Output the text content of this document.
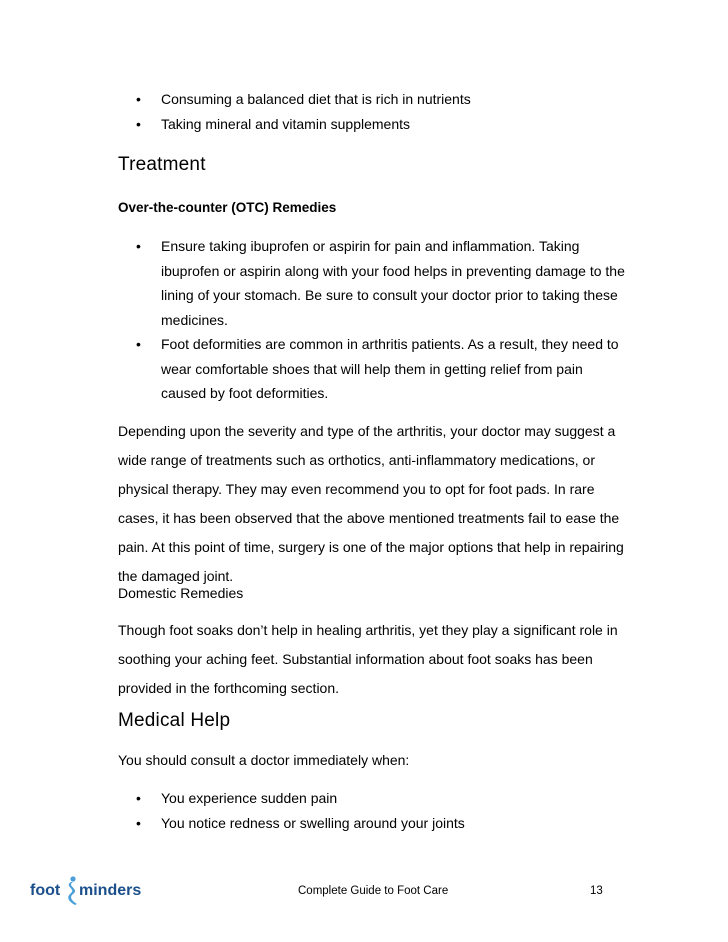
• Consuming a balanced diet that is rich in nutrients
• Taking mineral and vitamin supplements
Treatment
Over-the-counter (OTC) Remedies
• Ensure taking ibuprofen or aspirin for pain and inflammation. Taking ibuprofen or aspirin along with your food helps in preventing damage to the lining of your stomach. Be sure to consult your doctor prior to taking these medicines.
• Foot deformities are common in arthritis patients. As a result, they need to wear comfortable shoes that will help them in getting relief from pain caused by foot deformities.

Depending upon the severity and type of the arthritis, your doctor may suggest a wide range of treatments such as orthotics, anti-inflammatory medications, or physical therapy. They may even recommend you to opt for foot pads. In rare cases, it has been observed that the above mentioned treatments fail to ease the pain. At this point of time, surgery is one of the major options that help in repairing the damaged joint.

Domestic Remedies

Though foot soaks don’t help in healing arthritis, yet they play a significant role in soothing your aching feet. Substantial information about foot soaks has been provided in the forthcoming section.

Medical Help

You should consult a doctor immediately when:

• You experience sudden pain
• You notice redness or swelling around your joints
foot minders	Complete Guide to Foot Care	13
